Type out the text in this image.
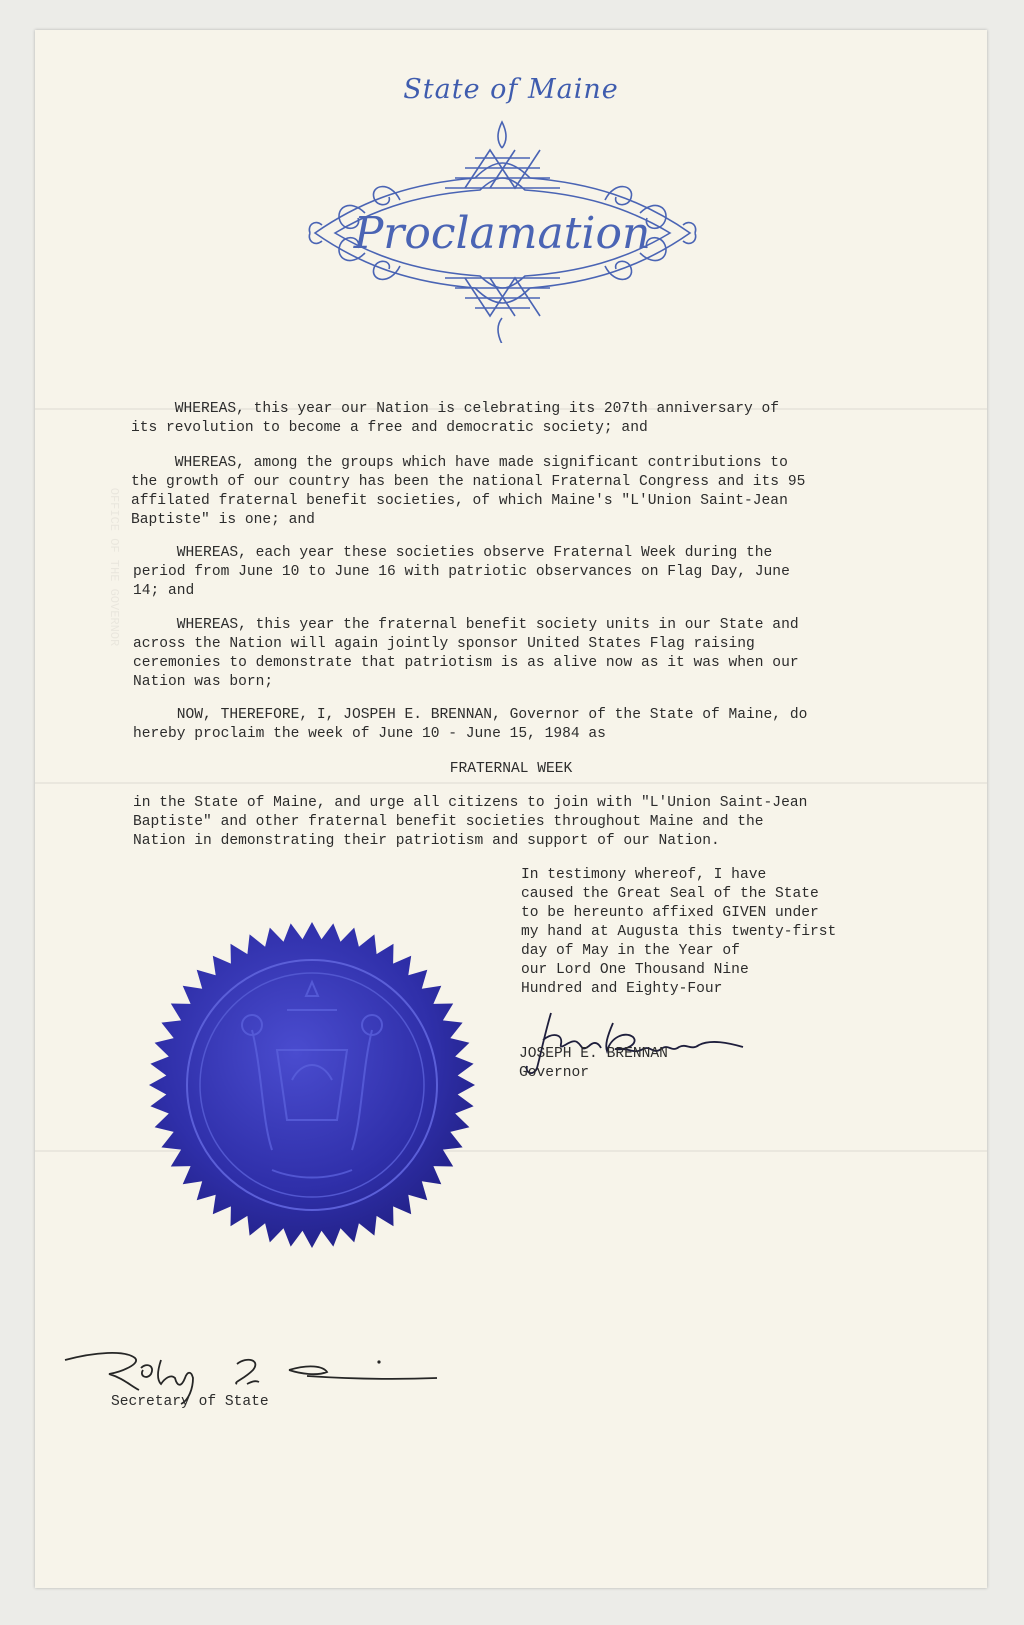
OFFICE OF THE GOVERNOR
State of Maine
Proclamation
WHEREAS, this year our Nation is celebrating its 207th anniversary of
its revolution to become a free and democratic society; and
WHEREAS, among the groups which have made significant contributions to
the growth of our country has been the national Fraternal Congress and its 95
affilated fraternal benefit societies, of which Maine's "L'Union Saint-Jean
Baptiste" is one; and
WHEREAS, each year these societies observe Fraternal Week during the
period from June 10 to June 16 with patriotic observances on Flag Day, June
14; and
WHEREAS, this year the fraternal benefit society units in our State and
across the Nation will again jointly sponsor United States Flag raising
ceremonies to demonstrate that patriotism is as alive now as it was when our
Nation was born;
NOW, THEREFORE, I, JOSPEH E. BRENNAN, Governor of the State of Maine, do
hereby proclaim the week of June 10 - June 15, 1984 as
FRATERNAL WEEK
in the State of Maine, and urge all citizens to join with "L'Union Saint-Jean
Baptiste" and other fraternal benefit societies throughout Maine and the
Nation in demonstrating their patriotism and support of our Nation.
In testimony whereof, I have
caused the Great Seal of the State
to be hereunto affixed GIVEN under
my hand at Augusta this twenty-first
day of May in the Year of
our Lord One Thousand Nine
Hundred and Eighty-Four
JOSEPH E. BRENNAN
Governor
Secretary of State
